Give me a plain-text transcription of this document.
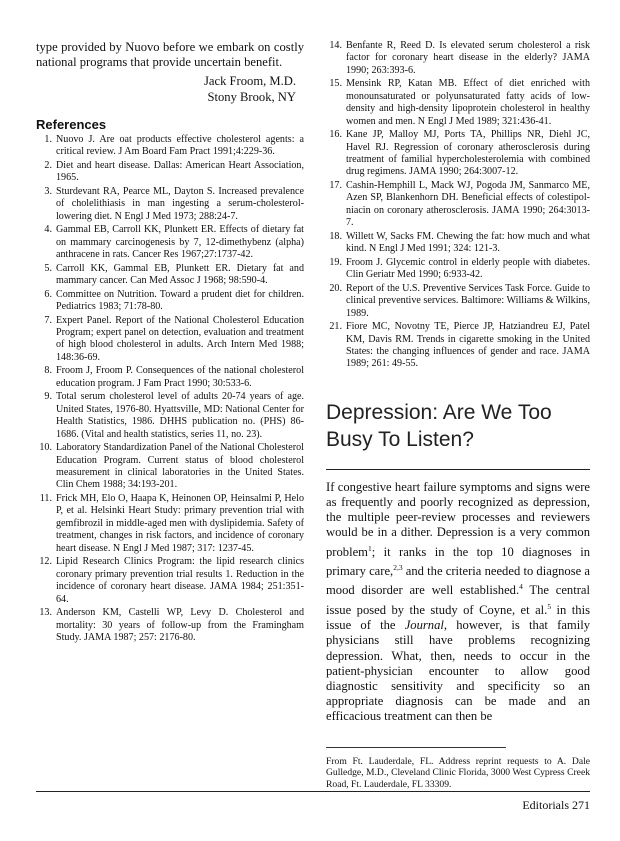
type provided by Nuovo before we embark on costly national programs that provide uncertain benefit.

Jack Froom, M.D.
Stony Brook, NY
References
1. Nuovo J. Are oat products effective cholesterol agents: a critical review. J Am Board Fam Pract 1991;4:229-36.
2. Diet and heart disease. Dallas: American Heart Association, 1965.
3. Sturdevant RA, Pearce ML, Dayton S. Increased prevalence of cholelithiasis in man ingesting a serum-cholesterol-lowering diet. N Engl J Med 1973; 288:24-7.
4. Gammal EB, Carroll KK, Plunkett ER. Effects of dietary fat on mammary carcinogenesis by 7, 12-dimethybenz (alpha) anthracene in rats. Cancer Res 1967;27:1737-42.
5. Carroll KK, Gammal EB, Plunkett ER. Dietary fat and mammary cancer. Can Med Assoc J 1968; 98:590-4.
6. Committee on Nutrition. Toward a prudent diet for children. Pediatrics 1983; 71:78-80.
7. Expert Panel. Report of the National Cholesterol Education Program; expert panel on detection, evaluation and treatment of high blood cholesterol in adults. Arch Intern Med 1988; 148:36-69.
8. Froom J, Froom P. Consequences of the national cholesterol education program. J Fam Pract 1990; 30:533-6.
9. Total serum cholesterol level of adults 20-74 years of age. United States, 1976-80. Hyattsville, MD: National Center for Health Statistics, 1986. DHHS publication no. (PHS) 86-1686. (Vital and health statistics, series 11, no. 23).
10. Laboratory Standardization Panel of the National Cholesterol Education Program. Current status of blood cholesterol measurement in clinical laboratories in the United States. Clin Chem 1988; 34:193-201.
11. Frick MH, Elo O, Haapa K, Heinonen OP, Heinsalmi P, Helo P, et al. Helsinki Heart Study: primary prevention trial with gemfibrozil in middle-aged men with dyslipidemia. Safety of treatment, changes in risk factors, and incidence of coronary heart disease. N Engl J Med 1987; 317: 1237-45.
12. Lipid Research Clinics Program: the lipid research clinics coronary primary prevention trial results 1. Reduction in the incidence of coronary heart disease. JAMA 1984; 251:351-64.
13. Anderson KM, Castelli WP, Levy D. Cholesterol and mortality: 30 years of follow-up from the Framingham Study. JAMA 1987; 257: 2176-80.
14. Benfante R, Reed D. Is elevated serum cholesterol a risk factor for coronary heart disease in the elderly? JAMA 1990; 263:393-6.
15. Mensink RP, Katan MB. Effect of diet enriched with monounsaturated or polyunsaturated fatty acids of low-density and high-density lipoprotein cholesterol in healthy women and men. N Engl J Med 1989; 321:436-41.
16. Kane JP, Malloy MJ, Ports TA, Phillips NR, Diehl JC, Havel RJ. Regression of coronary atherosclerosis during treatment of familial hypercholesterolemia with combined drug regimens. JAMA 1990; 264:3007-12.
17. Cashin-Hemphill L, Mack WJ, Pogoda JM, Sanmarco ME, Azen SP, Blankenhorn DH. Beneficial effects of colestipol-niacin on coronary atherosclerosis. JAMA 1990; 264:3013-7.
18. Willett W, Sacks FM. Chewing the fat: how much and what kind. N Engl J Med 1991; 324: 121-3.
19. Froom J. Glycemic control in elderly people with diabetes. Clin Geriatr Med 1990; 6:933-42.
20. Report of the U.S. Preventive Services Task Force. Guide to clinical preventive services. Baltimore: Williams & Wilkins, 1989.
21. Fiore MC, Novotny TE, Pierce JP, Hatziandreu EJ, Patel KM, Davis RM. Trends in cigarette smoking in the United States: the changing influences of gender and race. JAMA 1989; 261: 49-55.
Depression: Are We Too Busy To Listen?

If congestive heart failure symptoms and signs were as frequently and poorly recognized as depression, the multiple peer-review processes and reviewers would be in a dither. Depression is a very common problem$^1$; it ranks in the top 10 diagnoses in primary care,$^{2,3}$ and the criteria needed to diagnose a mood disorder are well established.$^4$ The central issue posed by the study of Coyne, et al.$^5$ in this issue of the Journal, however, is that family physicians still have problems recognizing depression. What, then, needs to occur in the patient-physician encounter to allow good diagnostic sensitivity and specificity so an appropriate diagnosis can be made and an efficacious treatment can then be

From Ft. Lauderdale, FL. Address reprint requests to A. Dale Gulledge, M.D., Cleveland Clinic Florida, 3000 West Cypress Creek Road, Ft. Lauderdale, FL 33309.

Editorials 271
